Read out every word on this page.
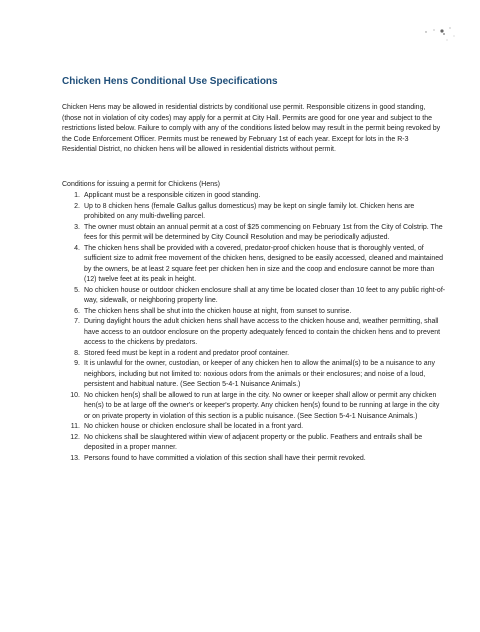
Chicken Hens Conditional Use Specifications

Chicken Hens may be allowed in residential districts by conditional use permit. Responsible citizens in good standing, (those not in violation of city codes) may apply for a permit at City Hall. Permits are good for one year and subject to the restrictions listed below. Failure to comply with any of the conditions listed below may result in the permit being revoked by the Code Enforcement Officer. Permits must be renewed by February 1st of each year. Except for lots in the R-3 Residential District, no chicken hens will be allowed in residential districts without permit.

Conditions for issuing a permit for Chickens (Hens)

1. Applicant must be a responsible citizen in good standing.
2. Up to 8 chicken hens (female Gallus gallus domesticus) may be kept on single family lot. Chicken hens are prohibited on any multi-dwelling parcel.
3. The owner must obtain an annual permit at a cost of $25 commencing on February 1st from the City of Colstrip. The fees for this permit will be determined by City Council Resolution and may be periodically adjusted.
4. The chicken hens shall be provided with a covered, predator-proof chicken house that is thoroughly vented, of sufficient size to admit free movement of the chicken hens, designed to be easily accessed, cleaned and maintained by the owners, be at least 2 square feet per chicken hen in size and the coop and enclosure cannot be more than (12) twelve feet at its peak in height.
5. No chicken house or outdoor chicken enclosure shall at any time be located closer than 10 feet to any public right-of-way, sidewalk, or neighboring property line.
6. The chicken hens shall be shut into the chicken house at night, from sunset to sunrise.
7. During daylight hours the adult chicken hens shall have access to the chicken house and, weather permitting, shall have access to an outdoor enclosure on the property adequately fenced to contain the chicken hens and to prevent access to the chickens by predators.
8. Stored feed must be kept in a rodent and predator proof container.
9. It is unlawful for the owner, custodian, or keeper of any chicken hen to allow the animal(s) to be a nuisance to any neighbors, including but not limited to: noxious odors from the animals or their enclosures; and noise of a loud, persistent and habitual nature. (See Section 5-4-1 Nuisance Animals.)
10. No chicken hen(s) shall be allowed to run at large in the city. No owner or keeper shall allow or permit any chicken hen(s) to be at large off the owner's or keeper's property. Any chicken hen(s) found to be running at large in the city or on private property in violation of this section is a public nuisance. (See Section 5-4-1 Nuisance Animals.)
11. No chicken house or chicken enclosure shall be located in a front yard.
12. No chickens shall be slaughtered within view of adjacent property or the public. Feathers and entrails shall be deposited in a proper manner.
13. Persons found to have committed a violation of this section shall have their permit revoked.
